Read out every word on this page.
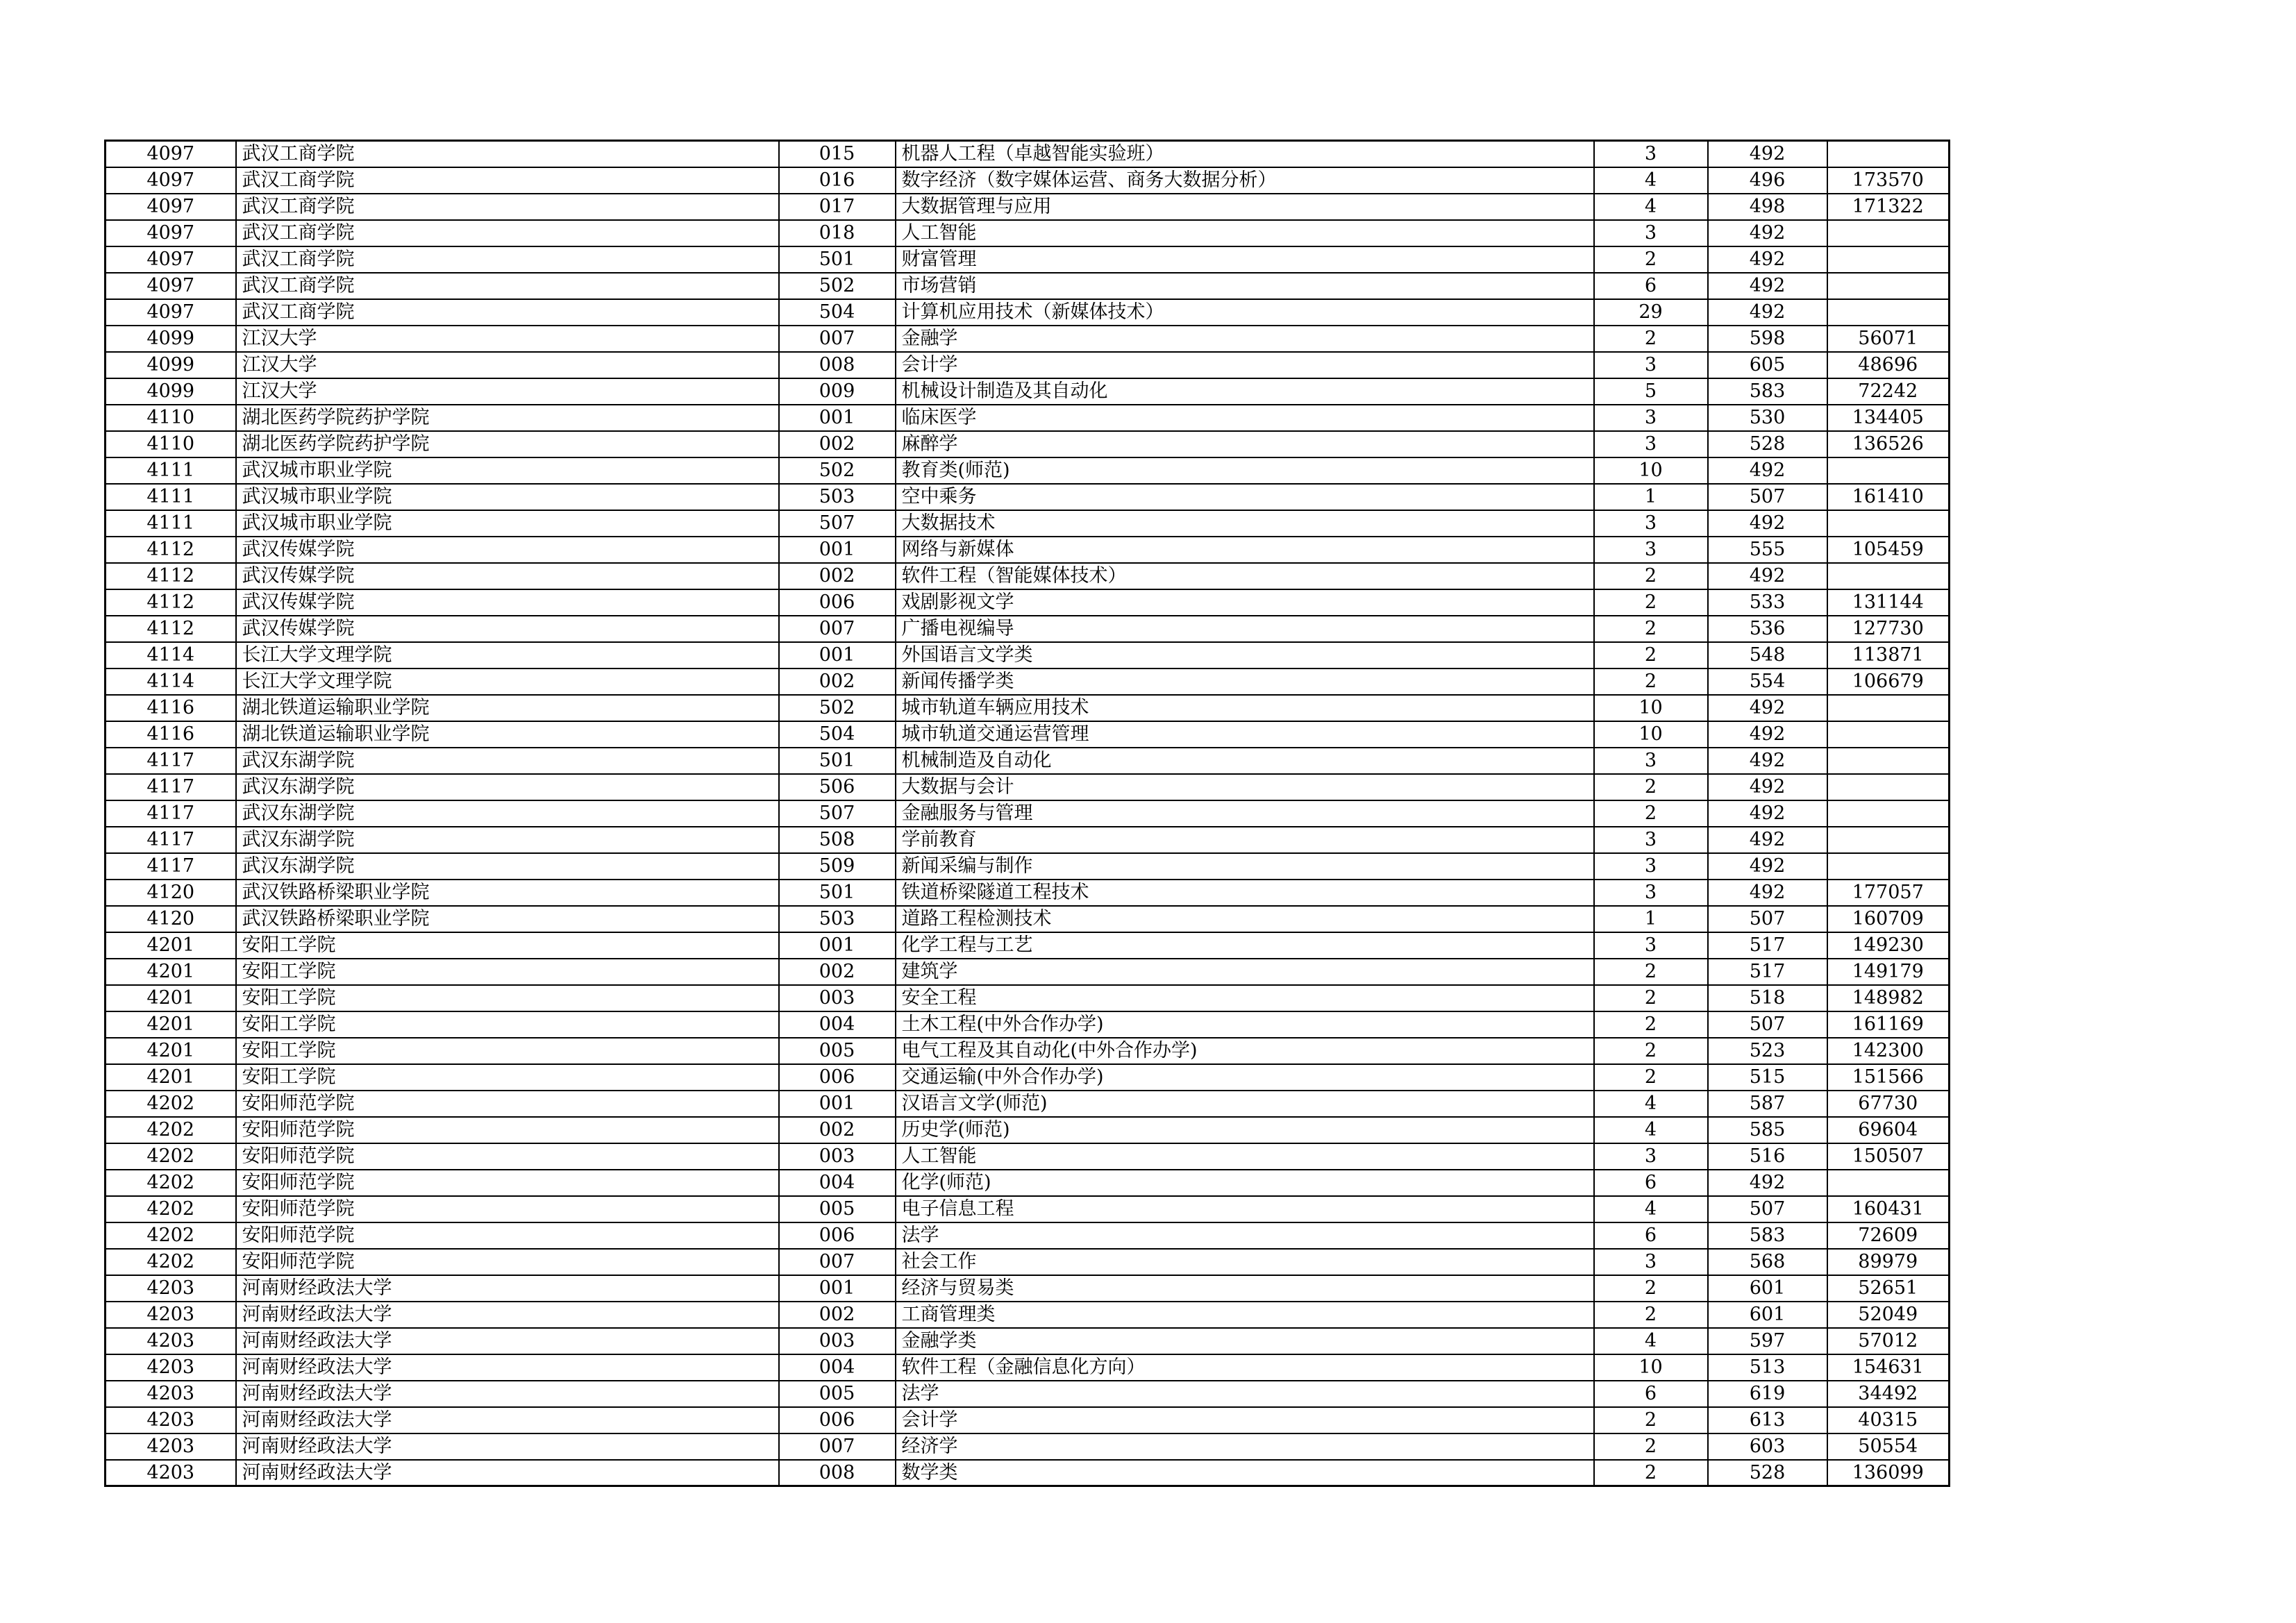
4097	武汉工商学院	015	机器人工程（卓越智能实验班）	3	492	
4097	武汉工商学院	016	数字经济（数字媒体运营、商务大数据分析）	4	496	173570
4097	武汉工商学院	017	大数据管理与应用	4	498	171322
4097	武汉工商学院	018	人工智能	3	492	
4097	武汉工商学院	501	财富管理	2	492	
4097	武汉工商学院	502	市场营销	6	492	
4097	武汉工商学院	504	计算机应用技术（新媒体技术）	29	492	
4099	江汉大学	007	金融学	2	598	56071
4099	江汉大学	008	会计学	3	605	48696
4099	江汉大学	009	机械设计制造及其自动化	5	583	72242
4110	湖北医药学院药护学院	001	临床医学	3	530	134405
4110	湖北医药学院药护学院	002	麻醉学	3	528	136526
4111	武汉城市职业学院	502	教育类(师范)	10	492	
4111	武汉城市职业学院	503	空中乘务	1	507	161410
4111	武汉城市职业学院	507	大数据技术	3	492	
4112	武汉传媒学院	001	网络与新媒体	3	555	105459
4112	武汉传媒学院	002	软件工程（智能媒体技术）	2	492	
4112	武汉传媒学院	006	戏剧影视文学	2	533	131144
4112	武汉传媒学院	007	广播电视编导	2	536	127730
4114	长江大学文理学院	001	外国语言文学类	2	548	113871
4114	长江大学文理学院	002	新闻传播学类	2	554	106679
4116	湖北铁道运输职业学院	502	城市轨道车辆应用技术	10	492	
4116	湖北铁道运输职业学院	504	城市轨道交通运营管理	10	492	
4117	武汉东湖学院	501	机械制造及自动化	3	492	
4117	武汉东湖学院	506	大数据与会计	2	492	
4117	武汉东湖学院	507	金融服务与管理	2	492	
4117	武汉东湖学院	508	学前教育	3	492	
4117	武汉东湖学院	509	新闻采编与制作	3	492	
4120	武汉铁路桥梁职业学院	501	铁道桥梁隧道工程技术	3	492	177057
4120	武汉铁路桥梁职业学院	503	道路工程检测技术	1	507	160709
4201	安阳工学院	001	化学工程与工艺	3	517	149230
4201	安阳工学院	002	建筑学	2	517	149179
4201	安阳工学院	003	安全工程	2	518	148982
4201	安阳工学院	004	土木工程(中外合作办学)	2	507	161169
4201	安阳工学院	005	电气工程及其自动化(中外合作办学)	2	523	142300
4201	安阳工学院	006	交通运输(中外合作办学)	2	515	151566
4202	安阳师范学院	001	汉语言文学(师范)	4	587	67730
4202	安阳师范学院	002	历史学(师范)	4	585	69604
4202	安阳师范学院	003	人工智能	3	516	150507
4202	安阳师范学院	004	化学(师范)	6	492	
4202	安阳师范学院	005	电子信息工程	4	507	160431
4202	安阳师范学院	006	法学	6	583	72609
4202	安阳师范学院	007	社会工作	3	568	89979
4203	河南财经政法大学	001	经济与贸易类	2	601	52651
4203	河南财经政法大学	002	工商管理类	2	601	52049
4203	河南财经政法大学	003	金融学类	4	597	57012
4203	河南财经政法大学	004	软件工程（金融信息化方向）	10	513	154631
4203	河南财经政法大学	005	法学	6	619	34492
4203	河南财经政法大学	006	会计学	2	613	40315
4203	河南财经政法大学	007	经济学	2	603	50554
4203	河南财经政法大学	008	数学类	2	528	136099
